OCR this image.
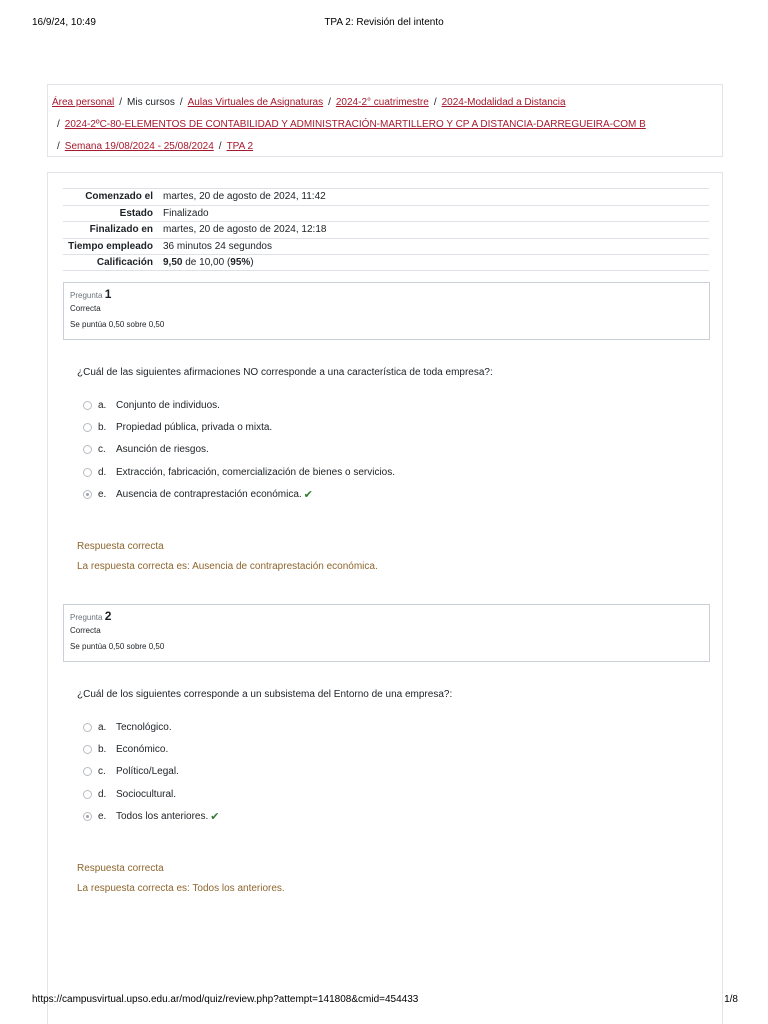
16/9/24, 10:49	TPA 2: Revisión del intento
Área personal / Mis cursos / Aulas Virtuales de Asignaturas / 2024-2° cuatrimestre / 2024-Modalidad a Distancia
/ 2024-2ºC-80-ELEMENTOS DE CONTABILIDAD Y ADMINISTRACIÓN-MARTILLERO Y CP A DISTANCIA-DARREGUEIRA-COM B
/ Semana 19/08/2024 - 25/08/2024 / TPA 2
Comenzado el	martes, 20 de agosto de 2024, 11:42
Estado	Finalizado
Finalizado en	martes, 20 de agosto de 2024, 12:18
Tiempo empleado	36 minutos 24 segundos
Calificación	9,50 de 10,00 (95%)
Pregunta 1
Correcta
Se puntúa 0,50 sobre 0,50
¿Cuál de las siguientes afirmaciones NO corresponde a una característica de toda empresa?:
a. Conjunto de individuos.
b. Propiedad pública, privada o mixta.
c.	Asunción de riesgos.
d. Extracción, fabricación, comercialización de bienes o servicios.
e. Ausencia de contraprestación económica. ✔
Respuesta correcta
La respuesta correcta es: Ausencia de contraprestación económica.
Pregunta 2
Correcta
Se puntúa 0,50 sobre 0,50
¿Cuál de los siguientes corresponde a un subsistema del Entorno de una empresa?:
a. Tecnológico.
b. Económico.
c.	Político/Legal.
d. Sociocultural.
e. Todos los anteriores. ✔
Respuesta correcta
La respuesta correcta es: Todos los anteriores.
https://campusvirtual.upso.edu.ar/mod/quiz/review.php?attempt=141808&cmid=454433	1/8
